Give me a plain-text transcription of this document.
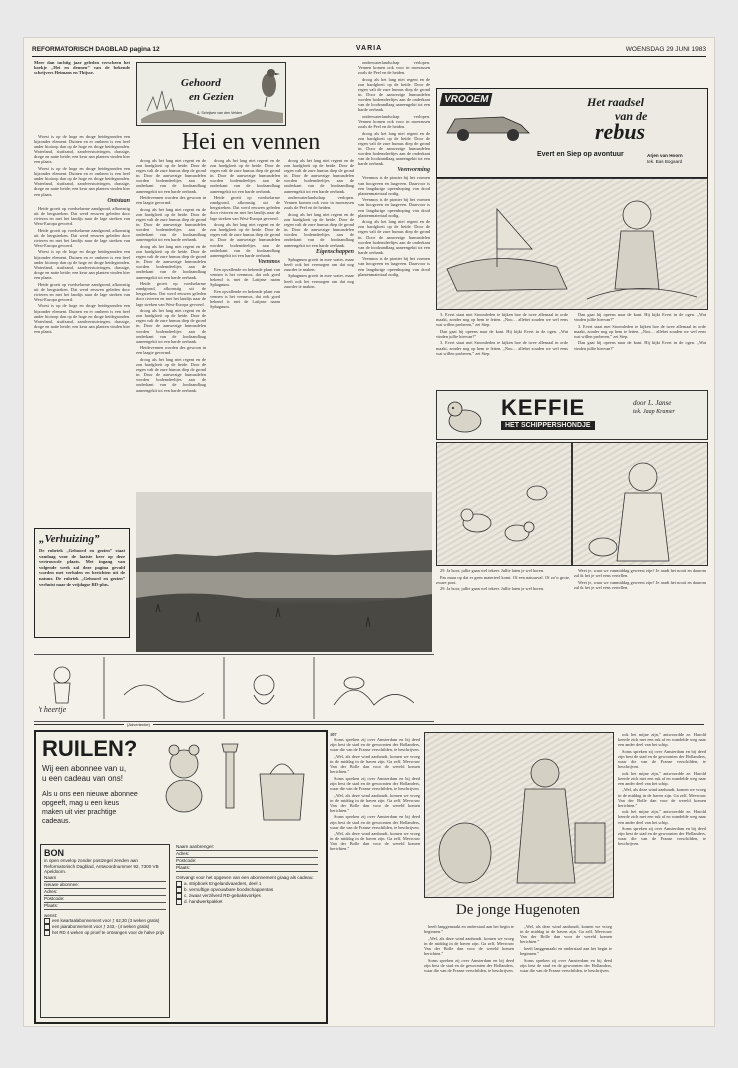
REFORMATORISCH DAGBLAD pagina 12	VARIA	WOENSDAG 29 JUNI 1983
Meer dan tachtig jaar geleden verscheen het boekje „Hei en dennen” van de bekende schrijvers Heimans en Thijsse.

Woest is op de hoge en droge heidegronden een bijzonder element. Duinen en er omheen is een heel ander biotoop dan op de hoge en droge heidegronden. Waterland, stuifzand, zandverstuivingen, drassige, droge en natte heide; een keur aan planten vinden hier een plaats.

Woest is op de hoge en droge heidegronden een bijzonder element. Duinen en er omheen is een heel ander biotoop dan op de hoge en droge heidegronden. Waterland, stuifzand, zandverstuivingen, drassige, droge en natte heide; een keur aan planten vinden hier een plaats.

Ontstaan

Heide groeit op voedselarme zandgrond, afkomstig uit de bergstreken. Dat werd eeuwen geleden door rivieren en met het landijs naar de lage streken van West-Europa gevoerd.

Heide groeit op voedselarme zandgrond, afkomstig uit de bergstreken. Dat werd eeuwen geleden door rivieren en met het landijs naar de lage streken van West-Europa gevoerd.

Woest is op de hoge en droge heidegronden een bijzonder element. Duinen en er omheen is een heel ander biotoop dan op de hoge en droge heidegronden. Waterland, stuifzand, zandverstuivingen, drassige, droge en natte heide; een keur aan planten vinden hier een plaats.

Heide groeit op voedselarme zandgrond, afkomstig uit de bergstreken. Dat werd eeuwen geleden door rivieren en met het landijs naar de lage streken van West-Europa gevoerd.

Woest is op de hoge en droge heidegronden een bijzonder element. Duinen en er omheen is een heel ander biotoop dan op de hoge en droge heidegronden. Waterland, stuifzand, zandverstuivingen, drassige, droge en natte heide; een keur aan planten vinden hier een plaats.

Gehoord
en Gezien
A. Schrijven van den Velden
Hei en vennen

droog als het lang niet regent en de zon hardgloeit op de heide. Door de regen valt de zure humus diep de grond in. Door de aanwezige humusdelen worden bodemdeeltjes aan de onderkant van de loodzandlaag aaneengekit tot een harde oerbank.

Heidevennen worden des gewoon in een laagte gevormd.

droog als het lang niet regent en de zon hardgloeit op de heide. Door de regen valt de zure humus diep de grond in. Door de aanwezige humusdelen worden bodemdeeltjes aan de onderkant van de loodzandlaag aaneengekit tot een harde oerbank.

droog als het lang niet regent en de zon hardgloeit op de heide. Door de regen valt de zure humus diep de grond in. Door de aanwezige humusdelen worden bodemdeeltjes aan de onderkant van de loodzandlaag aaneengekit tot een harde oerbank.

Heide groeit op voedselarme zandgrond, afkomstig uit de bergstreken. Dat werd eeuwen geleden door rivieren en met het landijs naar de lage streken van West-Europa gevoerd.

droog als het lang niet regent en de zon hardgloeit op de heide. Door de regen valt de zure humus diep de grond in. Door de aanwezige humusdelen worden bodemdeeltjes aan de onderkant van de loodzandlaag aaneengekit tot een harde oerbank.

Heidevennen worden des gewoon in een laagte gevormd.

droog als het lang niet regent en de zon hardgloeit op de heide. Door de regen valt de zure humus diep de grond in. Door de aanwezige humusdelen worden bodemdeeltjes aan de onderkant van de loodzandlaag aaneengekit tot een harde oerbank.

droog als het lang niet regent en de zon hardgloeit op de heide. Door de regen valt de zure humus diep de grond in. Door de aanwezige humusdelen worden bodemdeeltjes aan de onderkant van de loodzandlaag aaneengekit tot een harde oerbank.

Heide groeit op voedselarme zandgrond, afkomstig uit de bergstreken. Dat werd eeuwen geleden door rivieren en met het landijs naar de lage streken van West-Europa gevoerd.

droog als het lang niet regent en de zon hardgloeit op de heide. Door de regen valt de zure humus diep de grond in. Door de aanwezige humusdelen worden bodemdeeltjes aan de onderkant van de loodzandlaag aaneengekit tot een harde oerbank.

Veenmos

Een opvallende en bekende plant van vennen is het veenmos, dat ook goed bekend is met de Latijnse naam Sphagnum.

Een opvallende en bekende plant van vennen is het veenmos, dat ook goed bekend is met de Latijnse naam Sphagnum.

droog als het lang niet regent en de zon hardgloeit op de heide. Door de regen valt de zure humus diep de grond in. Door de aanwezige humusdelen worden bodemdeeltjes aan de onderkant van de loodzandlaag aaneengekit tot een harde oerbank.

onderwaterlandschap verlopen. Vennen komen ook voor in moerassen zoals de Peel en de heiden.

droog als het lang niet regent en de zon hardgloeit op de heide. Door de regen valt de zure humus diep de grond in. Door de aanwezige humusdelen worden bodemdeeltjes aan de onderkant van de loodzandlaag aaneengekit tot een harde oerbank.

Eigenschappen

Sphagnum groeit in zure water, maar heeft ook het vermogen om dat nog zuurder te maken.

Sphagnum groeit in zure water, maar heeft ook het vermogen om dat nog zuurder te maken.

onderwaterlandschap verlopen. Vennen komen ook voor in moerassen zoals de Peel en de heiden.

droog als het lang niet regent en de zon hardgloeit op de heide. Door de regen valt de zure humus diep de grond in. Door de aanwezige humusdelen worden bodemdeeltjes aan de onderkant van de loodzandlaag aaneengekit tot een harde oerbank.

onderwaterlandschap verlopen. Vennen komen ook voor in moerassen zoals de Peel en de heiden.

droog als het lang niet regent en de zon hardgloeit op de heide. Door de regen valt de zure humus diep de grond in. Door de aanwezige humusdelen worden bodemdeeltjes aan de onderkant van de loodzandlaag aaneengekit tot een harde oerbank.

Veenvorming

Veenmos is de pionier bij het vormen van hoogveen en laagveen. Daarvoor is een langdurige opeenhoping van dood plantenmateriaal nodig.

Veenmos is de pionier bij het vormen van hoogveen en laagveen. Daarvoor is een langdurige opeenhoping van dood plantenmateriaal nodig.

droog als het lang niet regent en de zon hardgloeit op de heide. Door de regen valt de zure humus diep de grond in. Door de aanwezige humusdelen worden bodemdeeltjes aan de onderkant van de loodzandlaag aaneengekit tot een harde oerbank.

Veenmos is de pionier bij het vormen van hoogveen en laagveen. Daarvoor is een langdurige opeenhoping van dood plantenmateriaal nodig.

„Verhuizing”
De rubriek „Gehoord en gezien” staat vandaag voor de laatste keer op deze vertrouwde plaats. Met ingang van volgende week zal deze pagina gevuld worden met verhalen en berichten uit de natuur. De rubriek „Gehoord en gezien” verhuist naar de vrijdagse RD-plus.
't heertje
VROOEM	Het raadsel
van de
rebus
Evert en Siep op avontuur	Arjen van Hoorn
tek. Bas Bogaard

3. Evert staat met Stoomleden te kijken hoe de twee allemaal in orde maakt, zonder nog op hem te letten. „Nou… allebei zouden we wel eens wat willen proberen,” zei Siep.

Dan gaat hij opeens naar de kant. Hij kijkt Evert in de ogen. „Wat vinden jullie hiervan?”

3. Evert staat met Stoomleden te kijken hoe de twee allemaal in orde maakt, zonder nog op hem te letten. „Nou… allebei zouden we wel eens wat willen proberen,” zei Siep.

Dan gaat hij opeens naar de kant. Hij kijkt Evert in de ogen. „Wat vinden jullie hiervan?”

3. Evert staat met Stoomleden te kijken hoe de twee allemaal in orde maakt, zonder nog op hem te letten. „Nou… allebei zouden we wel eens wat willen proberen,” zei Siep.

Dan gaat hij opeens naar de kant. Hij kijkt Evert in de ogen. „Wat vinden jullie hiervan?”

KEFFIE
HET SCHIPPERSHONDJE
door L. Janse
tek. Jaap Kramer

29. Ja hoor, jullie gaan wel tekeer. Jullie laten je wel horen.

Pas maar op dat er geen materieel komt. Of een natuurval. Of zo’n grote, zware poot.

29. Ja hoor, jullie gaan wel tekeer. Jullie laten je wel horen.

Weet je, waar we vanmiddag geweest zijn? Je raadt het nooit en daarom zal ik het je wel eens vertellen.

Weet je, waar we vanmiddag geweest zijn? Je raadt het nooit en daarom zal ik het je wel eens vertellen.

(Advertentie)
RUILEN?
Wij een abonnee van u,
u een cadeau van ons!
Als u ons een nieuwe abonnee opgeeft, mag u een keus maken uit vier prachtige cadeaus.
BON
in open envelop zonder postzegel zenden aan Reformatorisch Dagblad, Antwoordnummer 92, 7300 VB Apeldoorn.
Naam
nieuwe abonnee:
Adres:
Postcode:
Plaats:
wenst:
een kwartaalabonnement voor ƒ 62,30 (3 weken gratis)
een jaarabonnement voor ƒ 243,- (4 weken gratis)
het RD 4 weken op proef te ontvangen voor de halve prijs
Naam aanbrenger:
Adres:
Postcode:
Plaats:
Ontvangt voor het opgeven van een abonnement graag als cadeau:
a. stripboek Engelandvaarders, deel 1
b. vernuftige opvouwbare boodschappentas
c. zwaar verzilverd RD-gebaksvorkjes
d. handwerkpakket
107

Soms spreken zij over Amsterdam en bij deed zijn best de stad en de gewoonten der Hollanders, waar die van de Franse verschilden, te beschrijven.

„Wel, als deze wind aanhoudt, komen we vroeg in de middag in de haven zijn. Ga zelf, Mevrouw Van der Bolle dan voor de wereld komen berichten.”

Soms spreken zij over Amsterdam en bij deed zijn best de stad en de gewoonten der Hollanders, waar die van de Franse verschilden, te beschrijven.

„Wel, als deze wind aanhoudt, komen we vroeg in de middag in de haven zijn. Ga zelf, Mevrouw Van der Bolle dan voor de wereld komen berichten.”

Soms spreken zij over Amsterdam en bij deed zijn best de stad en de gewoonten der Hollanders, waar die van de Franse verschilden, te beschrijven.

„Wel, als deze wind aanhoudt, komen we vroeg in de middag in de haven zijn. Ga zelf, Mevrouw Van der Bolle dan voor de wereld komen berichten.”

De jonge Hugenoten

heeft langgemaakt en onderstaal aan het begin te beginnen.”

„Wel, als deze wind aanhoudt, komen we vroeg in de middag in de haven zijn. Ga zelf, Mevrouw Van der Bolle dan voor de wereld komen berichten.”

Soms spreken zij over Amsterdam en bij deed zijn best de stad en de gewoonten der Hollanders, waar die van de Franse verschilden, te beschrijven.

„Wel, als deze wind aanhoudt, komen we vroeg in de middag in de haven zijn. Ga zelf, Mevrouw Van der Bolle dan voor de wereld komen berichten.”

heeft langgemaakt en onderstaal aan het begin te beginnen.”

Soms spreken zij over Amsterdam en bij deed zijn best de stad en de gewoonten der Hollanders, waar die van de Franse verschilden, te beschrijven.

ook het mijne zijn,” antwoordde ze. Harold keerde zich met een ruk af en wandelde weg naar een ander deel van het schip.

Soms spreken zij over Amsterdam en bij deed zijn best de stad en de gewoonten der Hollanders, waar die van de Franse verschilden, te beschrijven.

ook het mijne zijn,” antwoordde ze. Harold keerde zich met een ruk af en wandelde weg naar een ander deel van het schip.

„Wel, als deze wind aanhoudt, komen we vroeg in de middag in de haven zijn. Ga zelf, Mevrouw Van der Bolle dan voor de wereld komen berichten.”

ook het mijne zijn,” antwoordde ze. Harold keerde zich met een ruk af en wandelde weg naar een ander deel van het schip.

Soms spreken zij over Amsterdam en bij deed zijn best de stad en de gewoonten der Hollanders, waar die van de Franse verschilden, te beschrijven.
